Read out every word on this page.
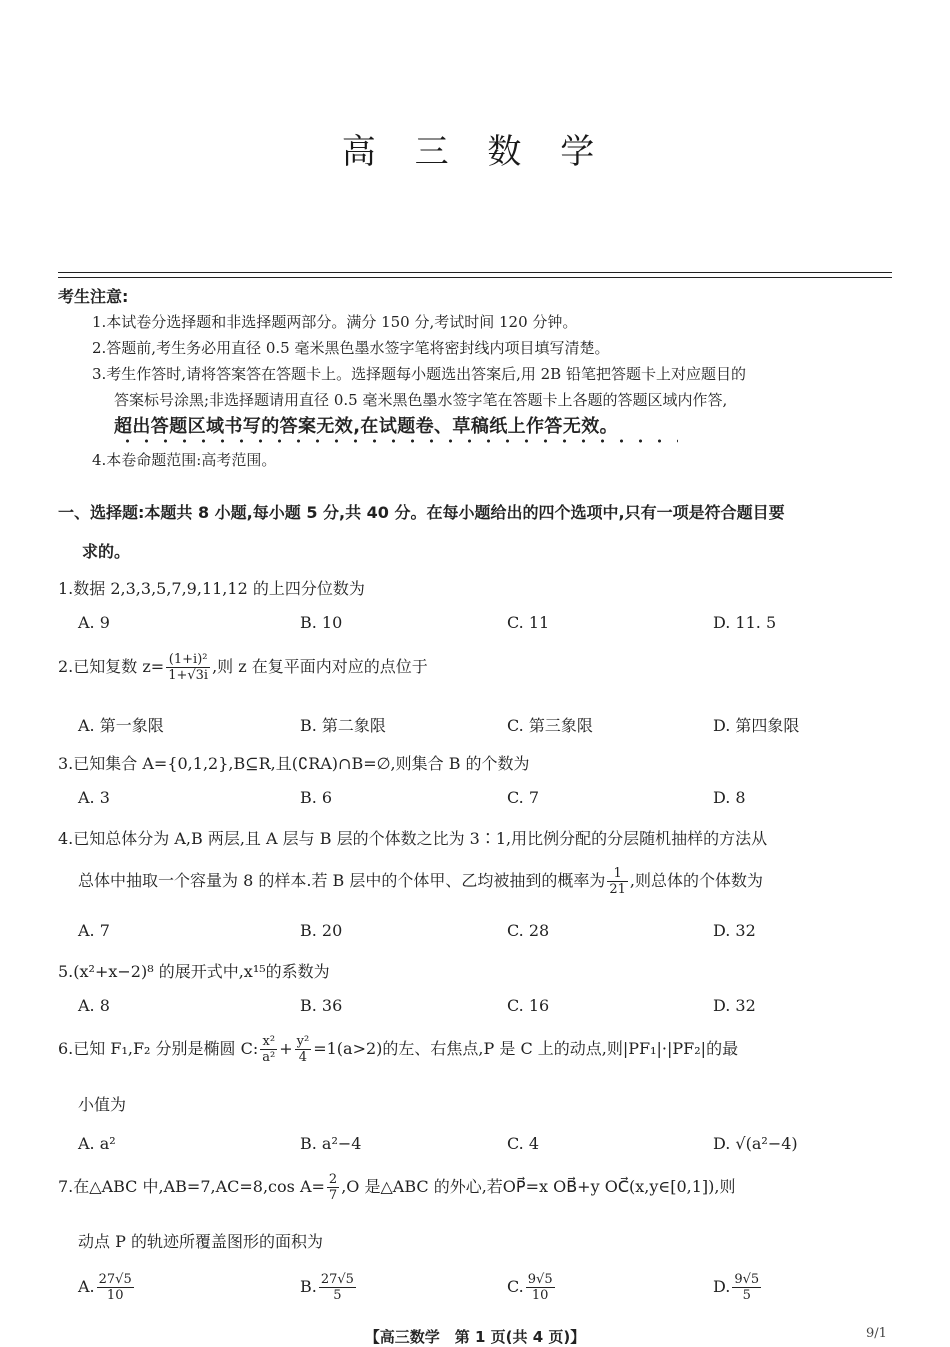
高 三 数 学
考生注意:
1.本试卷分选择题和非选择题两部分。满分 150 分,考试时间 120 分钟。
2.答题前,考生务必用直径 0.5 毫米黑色墨水签字笔将密封线内项目填写清楚。
3.考生作答时,请将答案答在答题卡上。选择题每小题选出答案后,用 2B 铅笔把答题卡上对应题目的
答案标号涂黑;非选择题请用直径 0.5 毫米黑色墨水签字笔在答题卡上各题的答题区域内作答,
超出答题区域书写的答案无效,在试题卷、草稿纸上作答无效。
4.本卷命题范围:高考范围。
一、选择题:本题共 8 小题,每小题 5 分,共 40 分。在每小题给出的四个选项中,只有一项是符合题目要
求的。
1.数据 2,3,3,5,7,9,11,12 的上四分位数为
A. 9	B. 10	C. 11	D. 11. 5
2.已知复数 $z= \frac{\text{(1+i)²}}{1+√3i}$ ,则 z 在复平面内对应的点位于
A. 第一象限	B. 第二象限	C. 第三象限	D. 第四象限
3.已知集合 A={0,1,2},B⊆R,且(∁RA)∩B=∅,则集合 B 的个数为
A. 3	B. 6	C. 7	D. 8
4.已知总体分为 A,B 两层,且 A 层与 B 层的个体数之比为 3∶1,用比例分配的分层随机抽样的方法从
总体中抽取一个容量为 8 的样本.若 B 层中的个体甲、乙均被抽到的概率为 $\frac{1}{21}$ ,则总体的个体数为
A. 7	B. 20	C. 28	D. 32
5.(x²+x−2)⁸ 的展开式中,x¹⁵的系数为
A. 8	B. 36	C. 16	D. 32
6.已知 F₁,F₂ 分别是椭圆 C: $\frac{\text{x²}}{\text{a²}} + \frac{\text{y²}}{4} =1(a>2)$的左、右焦点,P 是 C 上的动点,则|PF₁|·|PF₂|的最
小值为
A. a²	B. a²−4	C. 4	D. √(a²−4)
7.在△ABC 中,AB=7,AC=8,cos $A= \frac{2}{7} ,O$ 是△ABC 的外心,若OP⃗=x OB⃗+y OC⃗(x,y∈[0,1]),则
动点 P 的轨迹所覆盖图形的面积为
A. $\frac{27√5}{10}$	B. $\frac{27√5}{5}$	C. $\frac{9√5}{10}$	D. $\frac{9√5}{5}$
【高三数学　第 1 页(共 4 页)】	9/1
